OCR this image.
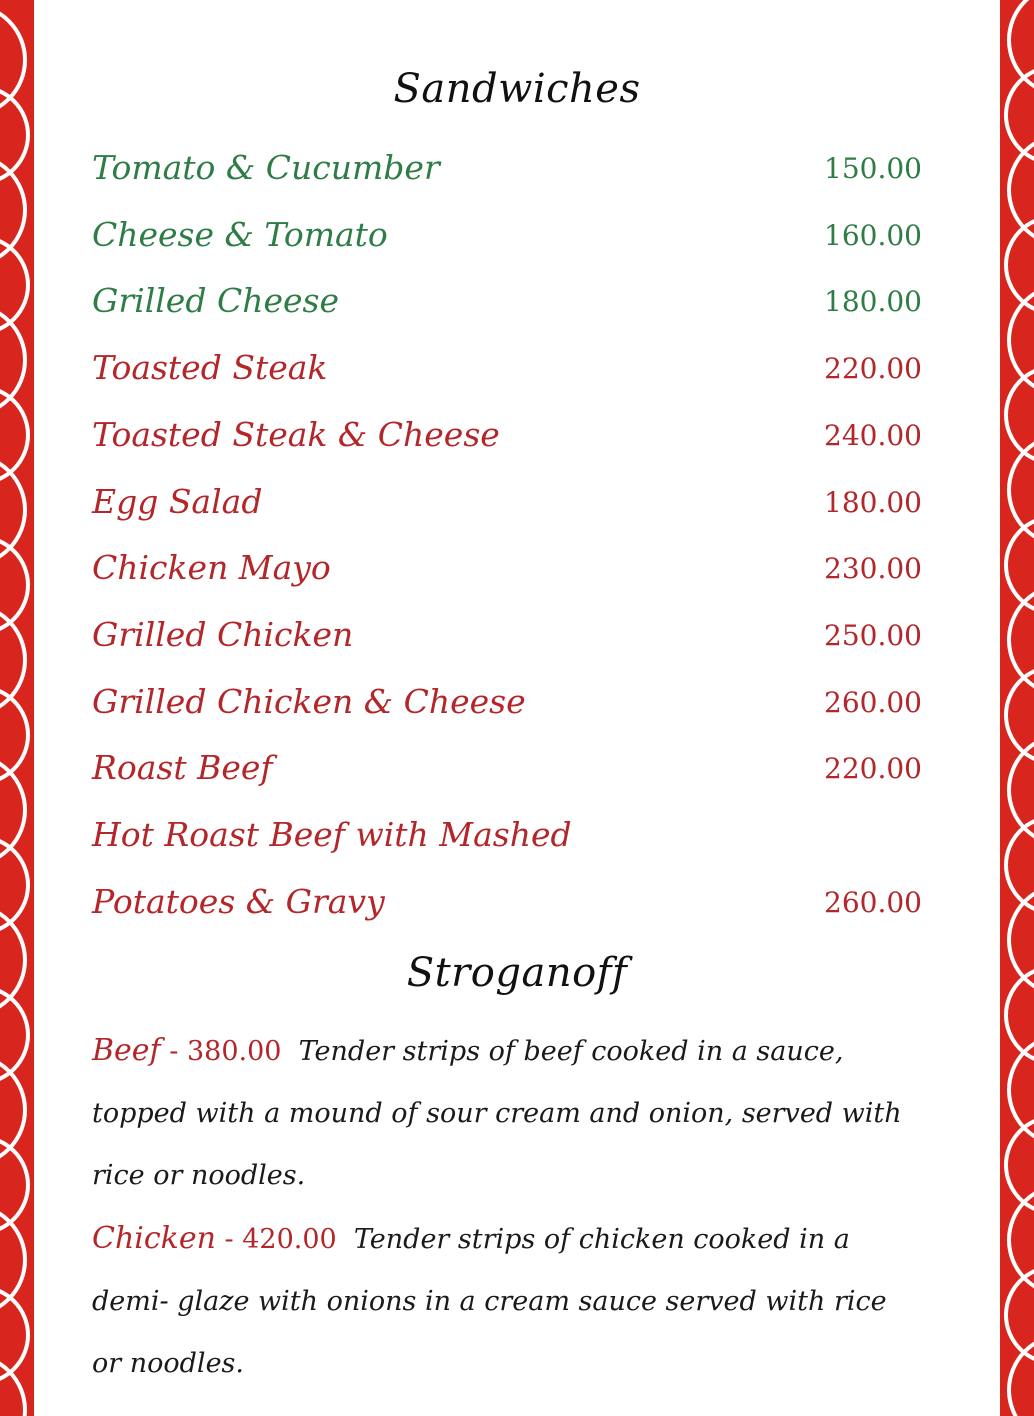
Sandwiches
Tomato & Cucumber	150.00
Cheese & Tomato	160.00
Grilled Cheese	180.00
Toasted Steak	220.00
Toasted Steak & Cheese	240.00
Egg Salad	180.00
Chicken Mayo	230.00
Grilled Chicken	250.00
Grilled Chicken & Cheese	260.00
Roast Beef	220.00
Hot Roast Beef with Mashed
Potatoes & Gravy	260.00
Stroganoff
Beef - 380.00 Tender strips of beef cooked in a sauce, topped with a mound of sour cream and onion, served with rice or noodles.
Chicken - 420.00 Tender strips of chicken cooked in a demi- glaze with onions in a cream sauce served with rice or noodles.
